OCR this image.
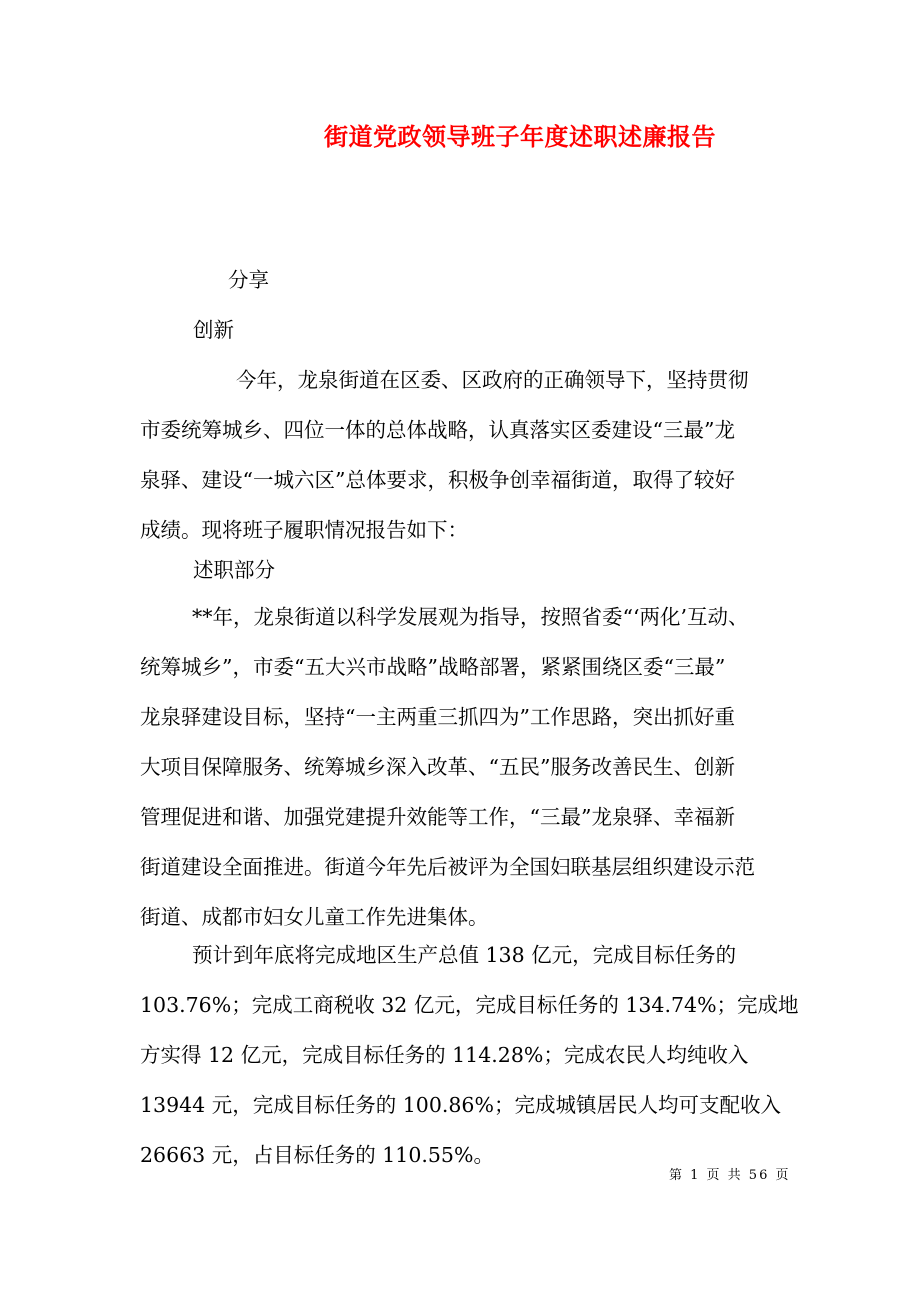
街道党政领导班子年度述职述廉报告
分享
创新
今年，龙泉街道在区委、区政府的正确领导下，坚持贯彻
市委统筹城乡、四位一体的总体战略，认真落实区委建设“三最”龙
泉驿、建设“一城六区”总体要求，积极争创幸福街道，取得了较好
成绩。现将班子履职情况报告如下：
述职部分
**年，龙泉街道以科学发展观为指导，按照省委“‘两化’互动、
统筹城乡”，市委“五大兴市战略”战略部署，紧紧围绕区委“三最”
龙泉驿建设目标，坚持“一主两重三抓四为”工作思路，突出抓好重
大项目保障服务、统筹城乡深入改革、“五民”服务改善民生、创新
管理促进和谐、加强党建提升效能等工作，“三最”龙泉驿、幸福新
街道建设全面推进。街道今年先后被评为全国妇联基层组织建设示范
街道、成都市妇女儿童工作先进集体。
预计到年底将完成地区生产总值 138 亿元，完成目标任务的
103.76%；完成工商税收 32 亿元，完成目标任务的 134.74%；完成地
方实得 12 亿元，完成目标任务的 114.28%；完成农民人均纯收入
13944 元，完成目标任务的 100.86%；完成城镇居民人均可支配收入
26663 元，占目标任务的 110.55%。
第 1 页 共 56 页
